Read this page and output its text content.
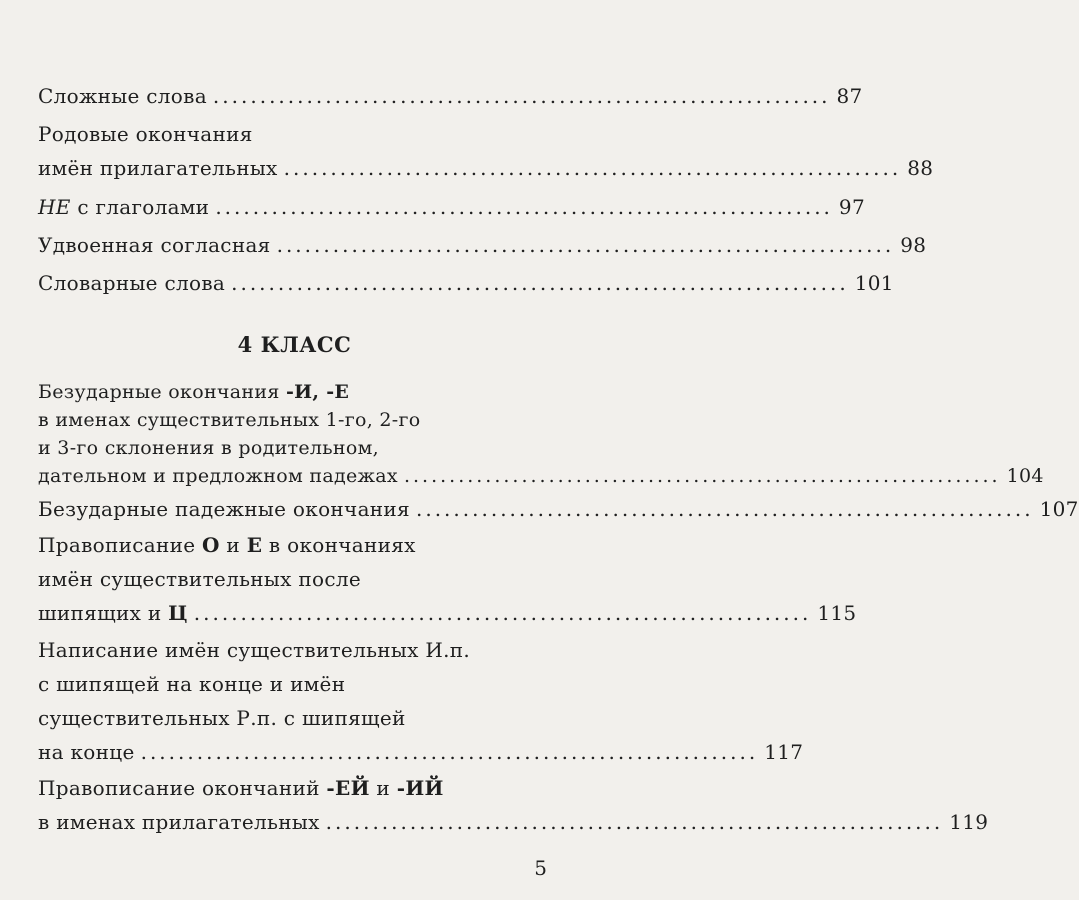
Сложные слова .................................................................. 87
Родовые окончания
имён прилагательных .................................................................. 88
НЕ с глаголами .................................................................. 97
Удвоенная согласная .................................................................. 98
Словарные слова .................................................................. 101
4 КЛАСС
Безударные окончания -И, -Е
в именах существительных 1-го, 2-го
и 3-го склонения в родительном,
дательном и предложном падежах .................................................................. 104
Безударные падежные окончания .................................................................. 107
Правописание О и Е в окончаниях
имён существительных после
шипящих и Ц .................................................................. 115
Написание имён существительных И.п.
с шипящей на конце и имён
существительных Р.п. с шипящей
на конце .................................................................. 117
Правописание окончаний -ЕЙ и -ИЙ
в именах прилагательных .................................................................. 119
5
